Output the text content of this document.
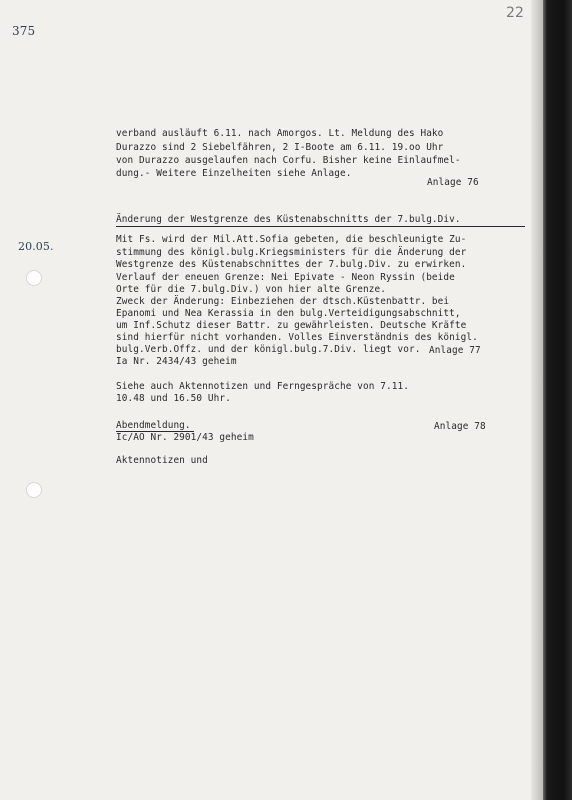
375
22
verband ausläuft 6.11. nach Amorgos. Lt. Meldung des Hako
Durazzo sind 2 Siebelfähren, 2 I-Boote am 6.11. 19.oo Uhr
von Durazzo ausgelaufen nach Corfu. Bisher keine Einlaufmel-
dung.- Weitere Einzelheiten siehe Anlage.
Anlage 76
20.05.
Änderung der Westgrenze des Küstenabschnitts der 7.bulg.Div.
Mit Fs. wird der Mil.Att.Sofia gebeten, die beschleunigte Zu-
stimmung des königl.bulg.Kriegsministers für die Änderung der
Westgrenze des Küstenabschnittes der 7.bulg.Div. zu erwirken.
Verlauf der eneuen Grenze: Nei Epivate - Neon Ryssin (beide
Orte für die 7.bulg.Div.) von hier alte Grenze.
Zweck der Änderung: Einbeziehen der dtsch.Küstenbattr. bei
Epanomi und Nea Kerassia in den bulg.Verteidigungsabschnitt,
um Inf.Schutz dieser Battr. zu gewährleisten. Deutsche Kräfte
sind hierfür nicht vorhanden. Volles Einverständnis des königl.
bulg.Verb.Offz. und der königl.bulg.7.Div. liegt vor.
Ia Nr. 2434/43 geheim
Anlage 77
Siehe auch Aktennotizen und Ferngespräche von 7.11.
10.48 und 16.50 Uhr.
Abendmeldung.
Ic/AO Nr. 2901/43 geheim
Anlage 78
Aktennotizen und
